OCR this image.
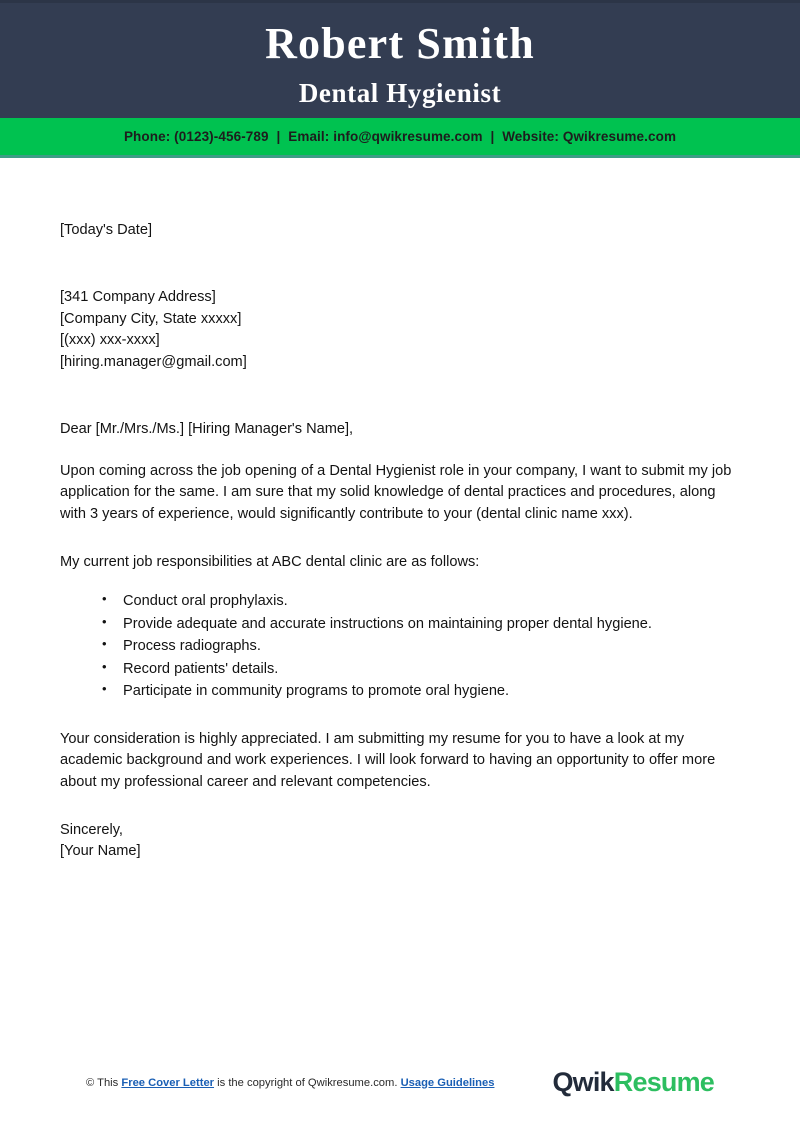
Robert Smith
Dental Hygienist
Phone: (0123)-456-789 | Email: info@qwikresume.com | Website: Qwikresume.com
[Today's Date]
[341 Company Address]
[Company City, State xxxxx]
[(xxx) xxx-xxxx]
[hiring.manager@gmail.com]
Dear [Mr./Mrs./Ms.] [Hiring Manager's Name],
Upon coming across the job opening of a Dental Hygienist role in your company, I want to submit my job application for the same. I am sure that my solid knowledge of dental practices and procedures, along with 3 years of experience, would significantly contribute to your (dental clinic name xxx).
My current job responsibilities at ABC dental clinic are as follows:
• Conduct oral prophylaxis.
• Provide adequate and accurate instructions on maintaining proper dental hygiene.
• Process radiographs.
• Record patients' details.
• Participate in community programs to promote oral hygiene.
Your consideration is highly appreciated. I am submitting my resume for you to have a look at my academic background and work experiences. I will look forward to having an opportunity to offer more about my professional career and relevant competencies.
Sincerely,
[Your Name]
© This Free Cover Letter is the copyright of Qwikresume.com. Usage Guidelines QwikResume
